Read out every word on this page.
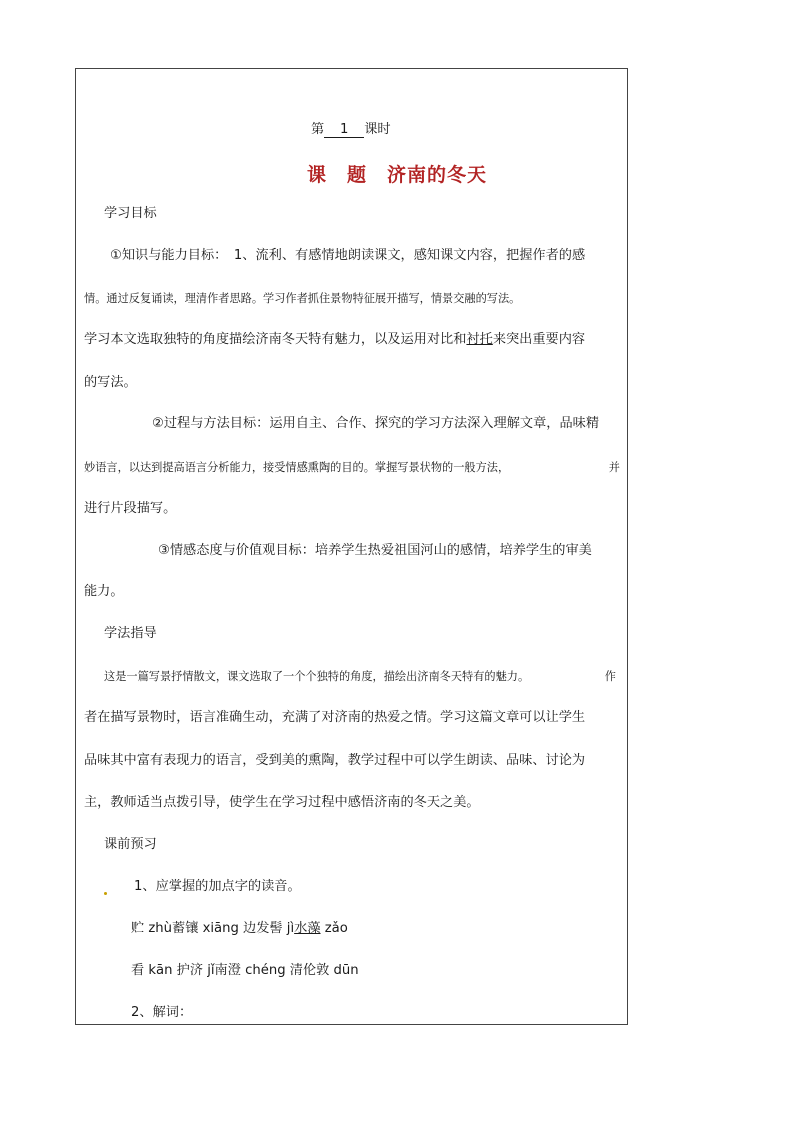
第 1 课时
课　题　济南的冬天
学习目标
①知识与能力目标：　1、流利、有感情地朗读课文，感知课文内容，把握作者的感
情。通过反复诵读，理清作者思路。学习作者抓住景物特征展开描写，情景交融的写法。
学习本文选取独特的角度描绘济南冬天特有魅力，以及运用对比和衬托来突出重要内容
的写法。
②过程与方法目标：运用自主、合作、探究的学习方法深入理解文章，品味精
妙语言，以达到提高语言分析能力，接受情感熏陶的目的。掌握写景状物的一般方法，	并
进行片段描写。
③情感态度与价值观目标：培养学生热爱祖国河山的感情，培养学生的审美
能力。
学法指导
这是一篇写景抒情散文，课文选取了一个个独特的角度，描绘出济南冬天特有的魅力。	作
者在描写景物时，语言准确生动，充满了对济南的热爱之情。学习这篇文章可以让学生
品味其中富有表现力的语言，受到美的熏陶，教学过程中可以学生朗读、品味、讨论为
主，教师适当点拨引导，使学生在学习过程中感悟济南的冬天之美。
课前预习
1、应掌握的加点字的读音。
贮 zhù蓄镶 xiāng 边发髻 jì水藻 zǎo
看 kān 护济 jǐ南澄 chéng 清伦敦 dūn
2、解词：
